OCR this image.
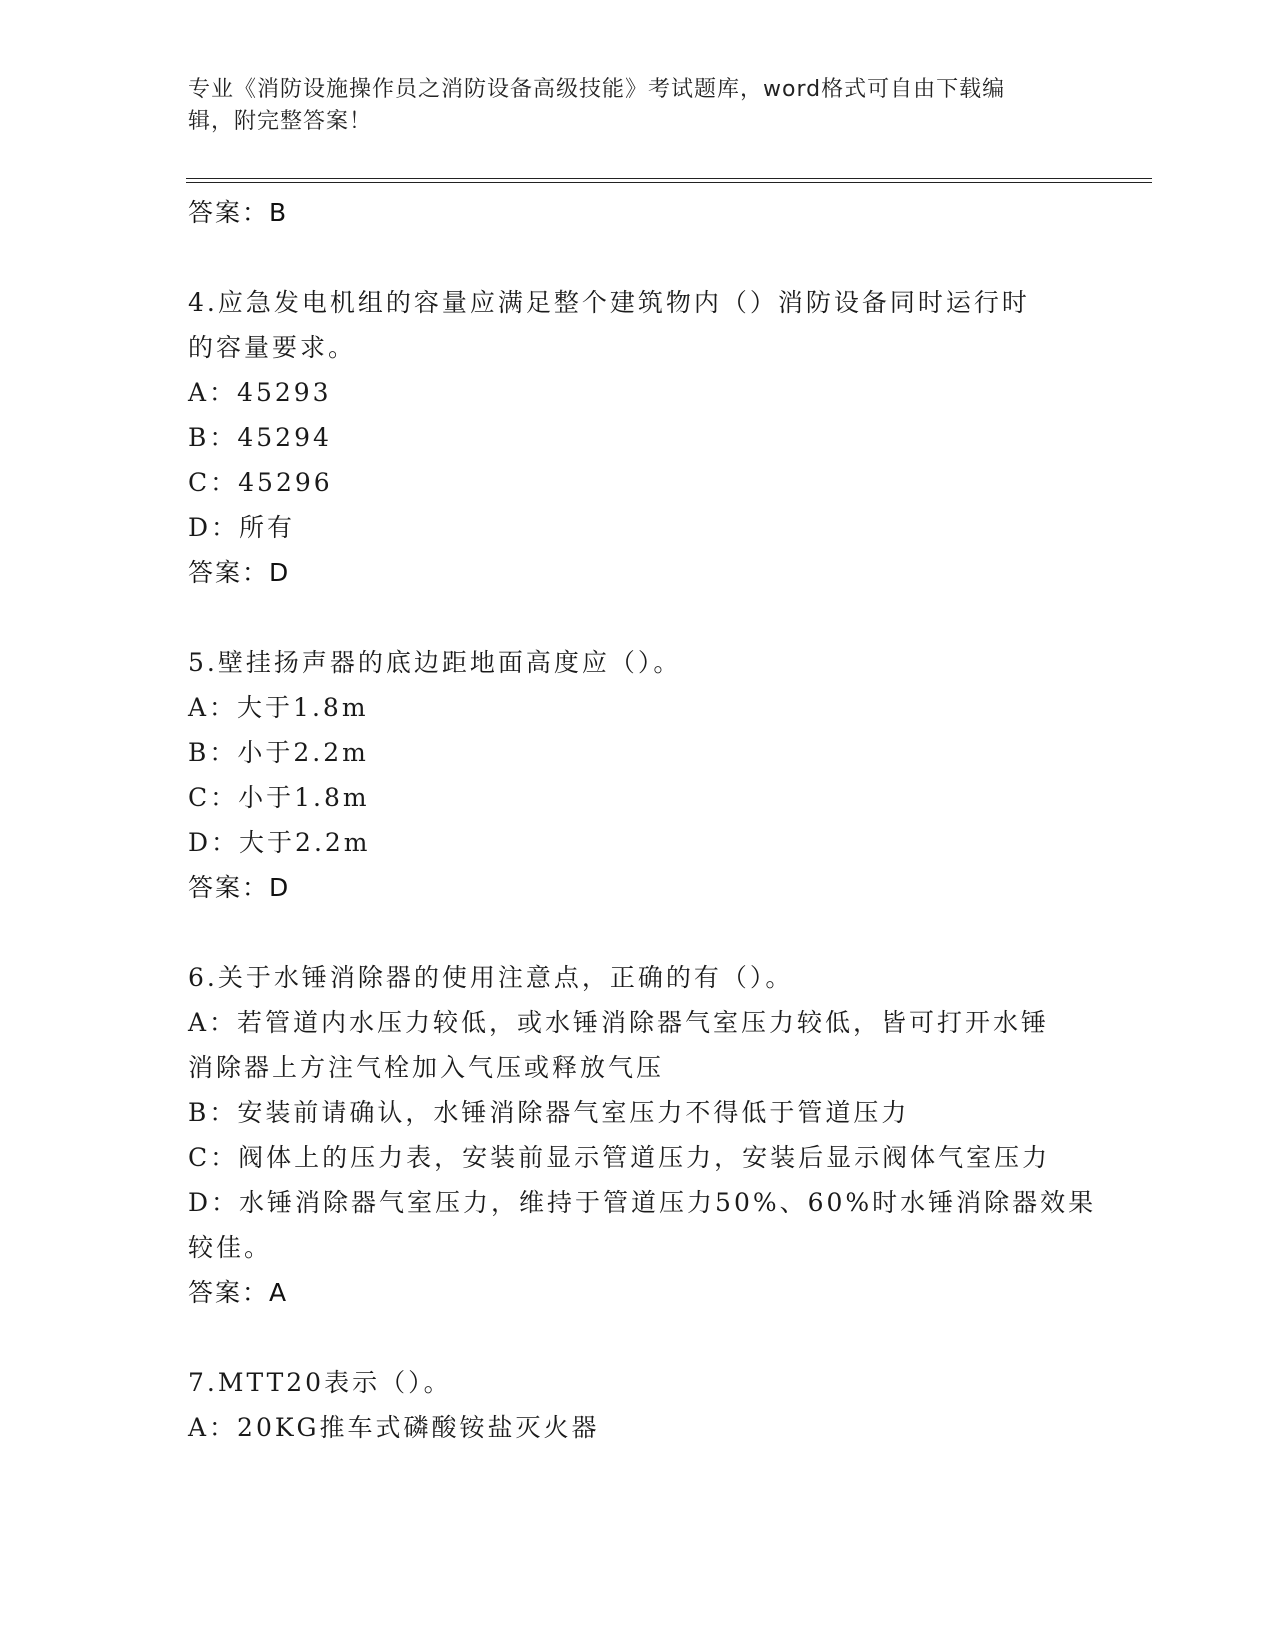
专业《消防设施操作员之消防设备高级技能》考试题库，word格式可自由下载编
辑，附完整答案！
答案：B
4.应急发电机组的容量应满足整个建筑物内（）消防设备同时运行时
的容量要求。
A：45293
B：45294
C：45296
D：所有
答案：D
5.壁挂扬声器的底边距地面高度应（）。
A：大于1.8m
B：小于2.2m
C：小于1.8m
D：大于2.2m
答案：D
6.关于水锤消除器的使用注意点，正确的有（）。
A：若管道内水压力较低，或水锤消除器气室压力较低，皆可打开水锤
消除器上方注气栓加入气压或释放气压
B：安装前请确认，水锤消除器气室压力不得低于管道压力
C：阀体上的压力表，安装前显示管道压力，安装后显示阀体气室压力
D：水锤消除器气室压力，维持于管道压力50%、60%时水锤消除器效果
较佳。
答案：A
7.MTT20表示（）。
A：20KG推车式磷酸铵盐灭火器
